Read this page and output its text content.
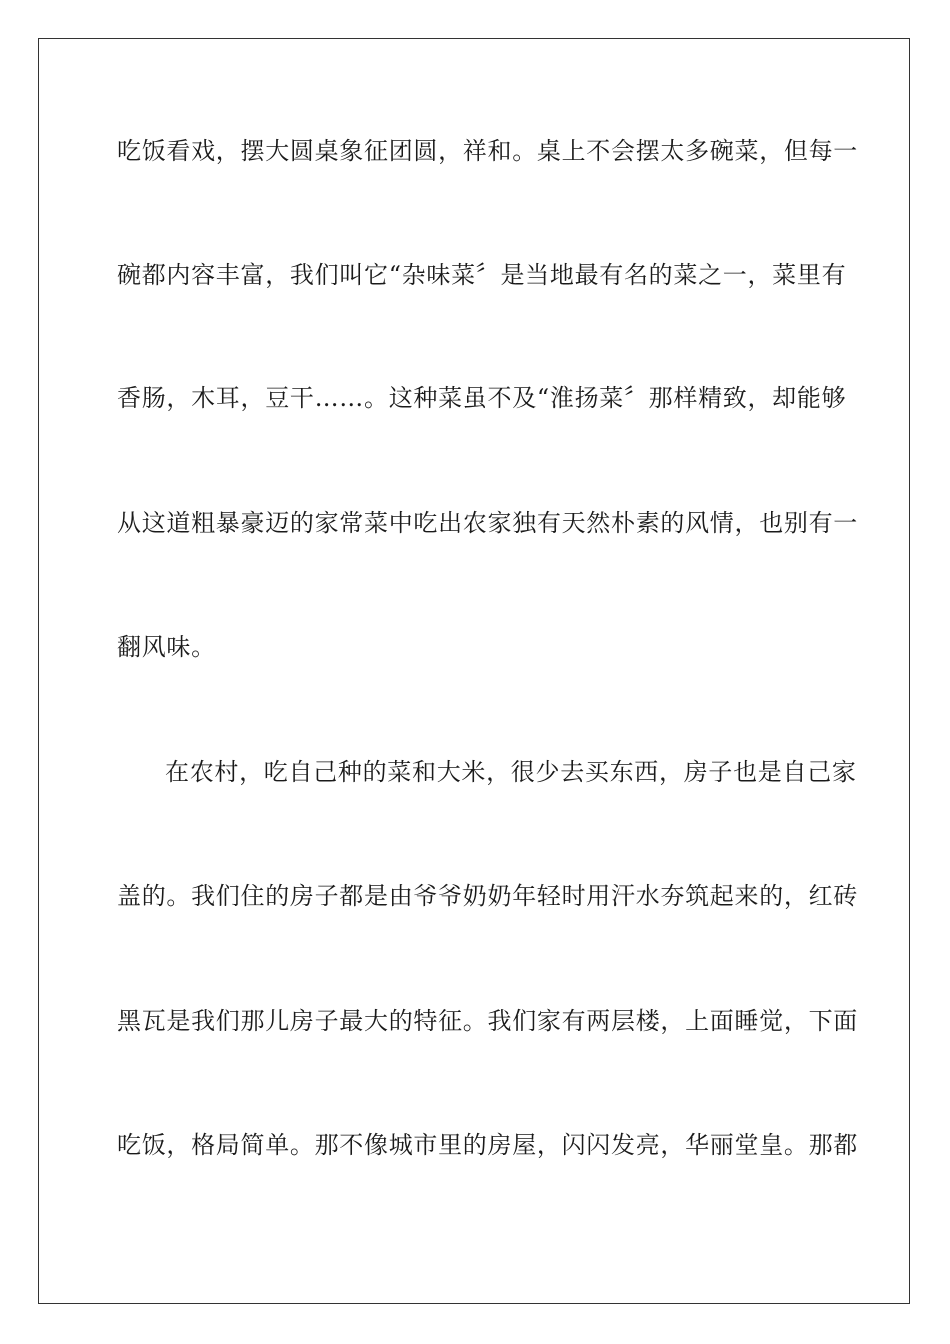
吃饭看戏，摆大圆桌象征团圆，祥和。桌上不会摆太多碗菜，但每一
碗都内容丰富，我们叫它“杂味菜〞是当地最有名的菜之一，菜里有
香肠，木耳，豆干……。这种菜虽不及“淮扬菜〞那样精致，却能够
从这道粗暴豪迈的家常菜中吃出农家独有天然朴素的风情，也别有一
翻风味。
在农村，吃自己种的菜和大米，很少去买东西，房子也是自己家
盖的。我们住的房子都是由爷爷奶奶年轻时用汗水夯筑起来的，红砖
黑瓦是我们那儿房子最大的特征。我们家有两层楼，上面睡觉，下面
吃饭，格局简单。那不像城市里的房屋，闪闪发亮，华丽堂皇。那都
